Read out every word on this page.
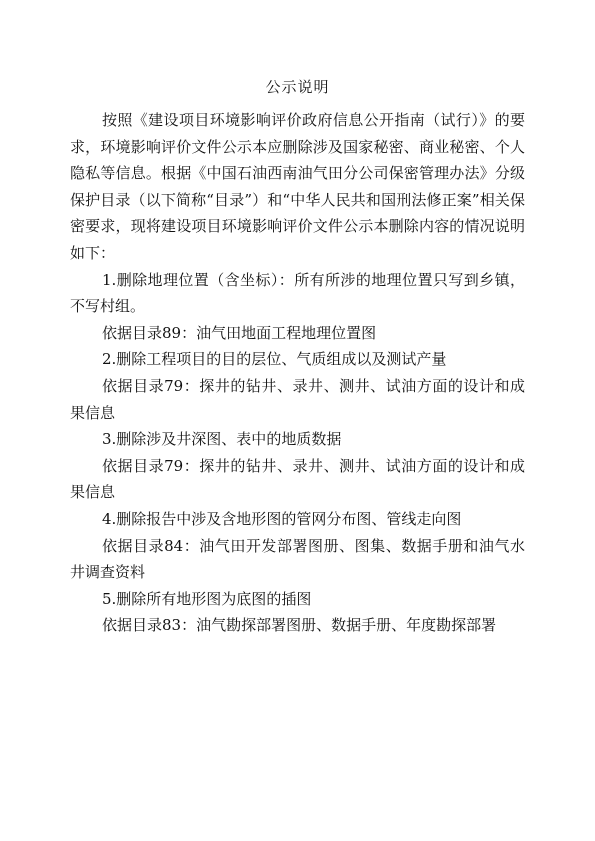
公示说明

按照《建设项目环境影响评价政府信息公开指南（试行）》的要求，环境影响评价文件公示本应删除涉及国家秘密、商业秘密、个人隐私等信息。根据《中国石油西南油气田分公司保密管理办法》分级保护目录（以下简称“目录”）和“中华人民共和国刑法修正案”相关保密要求，现将建设项目环境影响评价文件公示本删除内容的情况说明如下：

1.删除地理位置（含坐标）：所有所涉的地理位置只写到乡镇，不写村组。

依据目录89：油气田地面工程地理位置图

2.删除工程项目的目的层位、气质组成以及测试产量

依据目录79：探井的钻井、录井、测井、试油方面的设计和成果信息

3.删除涉及井深图、表中的地质数据

依据目录79：探井的钻井、录井、测井、试油方面的设计和成果信息

4.删除报告中涉及含地形图的管网分布图、管线走向图

依据目录84：油气田开发部署图册、图集、数据手册和油气水井调查资料

5.删除所有地形图为底图的插图

依据目录83：油气勘探部署图册、数据手册、年度勘探部署
